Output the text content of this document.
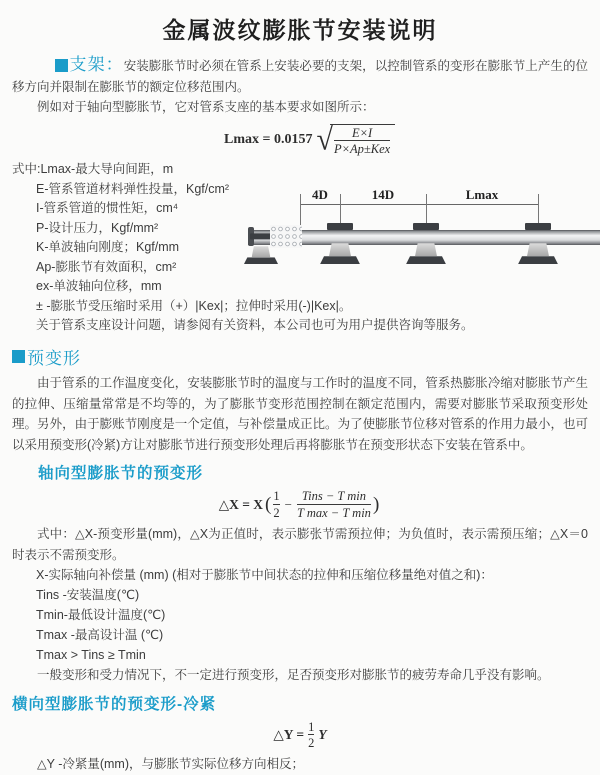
金属波纹膨胀节安装说明
支架：安装膨胀节时必须在管系上安装必要的支架，以控制管系的变形在膨胀节上产生的位移方向并限制在膨胀节的额定位移范围内。
例如对于轴向型膨胀节，它对管系支座的基本要求如图所示：
Lmax = 0.0157 √ $\frac{E\times I}{\text{P×Ap±Kex}}$
式中:Lmax-最大导向间距，m
E-管系管道材料弹性投量，Kgf/cm²
I-管系管道的惯性矩，cm⁴
P-设计压力，Kgf/mm²
K-单波轴向刚度；Kgf/mm
Ap-膨胀节有效面积，cm²
ex-单波轴向位移，mm
± -膨胀节受压缩时采用（+）|Kex|；拉伸时采用(-)|Kex|。
关于管系支座设计问题，请参阅有关资料，本公司也可为用户提供咨询等服务。
4D	14D	Lmax
预变形
由于管系的工作温度变化，安装膨胀节时的温度与工作时的温度不同，管系热膨胀冷缩对膨胀节产生的拉伸、压缩量常常是不均等的，为了膨胀节变形范围控制在额定范围内，需要对膨胀节采取预变形处理。另外，由于膨账节刚度是一个定值，与补偿量成正比。为了使膨胀节位移对管系的作用力最小，也可以采用预变形(冷紧)方让对膨胀节进行预变形处理后再将膨胀节在预变形状态下安装在管系中。
轴向型膨胀节的预变形
△X = X ( $\frac{1}{2} - \frac{\text{Tins − T min}}{\text{T max − T min}}$ )
式中：△X-预变形量(mm)，△X为正值时，表示膨张节需预拉伸；为负值时，表示需预压缩；△X＝0时表示不需预变形。
X-实际轴向补偿量 (mm) (相对于膨胀节中间状态的拉伸和压缩位移量绝对值之和)：
Tins -安装温度(℃)
Tmin-最低设计温度(℃)
Tmax -最高设计温 (℃)
Tmax > Tins ≥ Tmin
一般变形和受力情况下，不一定进行预变形，足否预变形对膨胀节的疲劳寿命几乎没有影响。
横向型膨胀节的预变形-冷紧
△Y = $\frac{1}{2}$ Y
△Y -冷紧量(mm)，与膨胀节实际位移方向相反；
